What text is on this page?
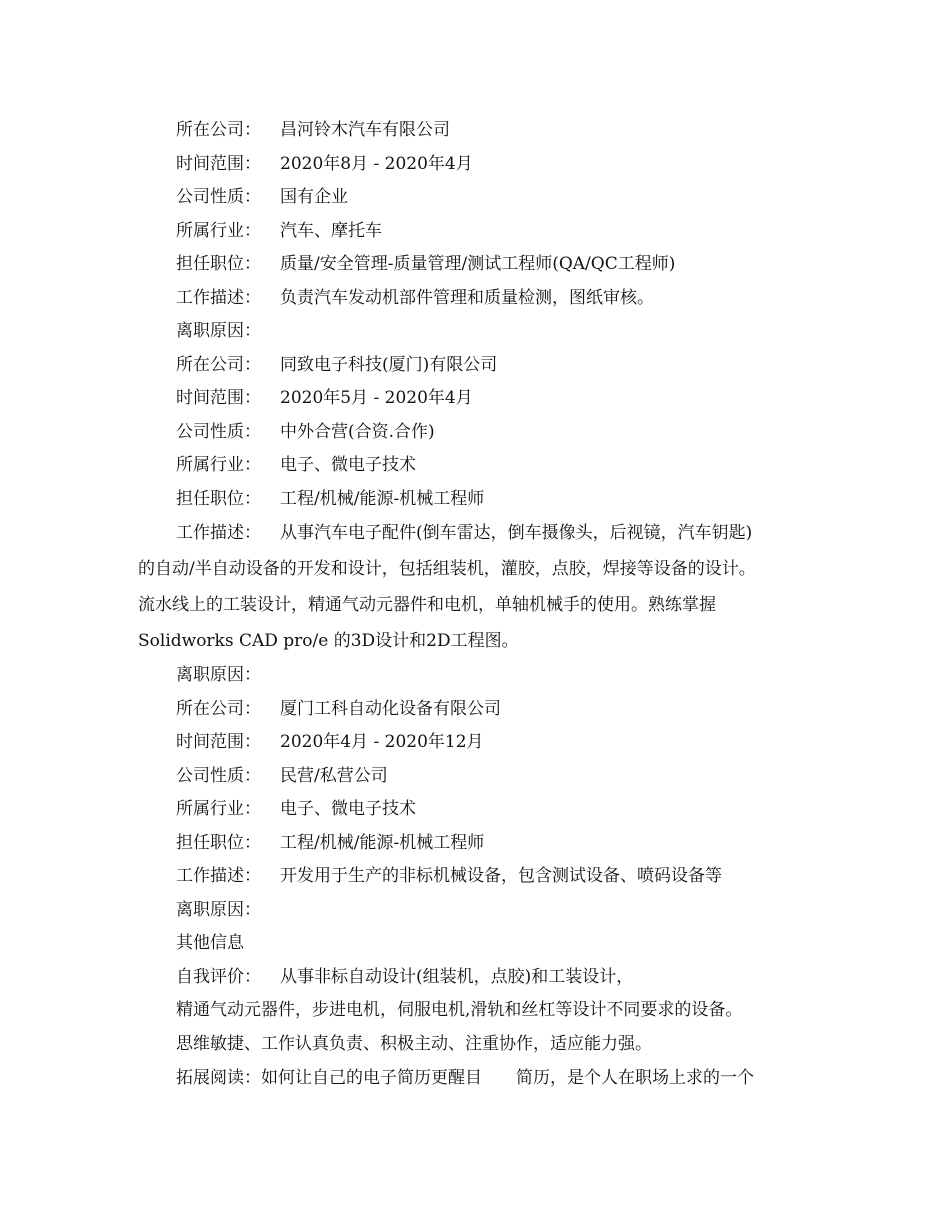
所在公司： 昌河铃木汽车有限公司
时间范围： 2020年8月 - 2020年4月
公司性质： 国有企业
所属行业： 汽车、摩托车
担任职位： 质量/安全管理-质量管理/测试工程师(QA/QC工程师)
工作描述： 负责汽车发动机部件管理和质量检测，图纸审核。
离职原因：
所在公司： 同致电子科技(厦门)有限公司
时间范围： 2020年5月 - 2020年4月
公司性质： 中外合营(合资.合作)
所属行业： 电子、微电子技术
担任职位： 工程/机械/能源-机械工程师
工作描述： 从事汽车电子配件(倒车雷达，倒车摄像头，后视镜，汽车钥匙)
的自动/半自动设备的开发和设计，包括组装机，灌胶，点胶，焊接等设备的设计。
流水线上的工装设计，精通气动元器件和电机，单轴机械手的使用。熟练掌握
Solidworks CAD pro/e 的3D设计和2D工程图。
离职原因：
所在公司： 厦门工科自动化设备有限公司
时间范围： 2020年4月 - 2020年12月
公司性质： 民营/私营公司
所属行业： 电子、微电子技术
担任职位： 工程/机械/能源-机械工程师
工作描述： 开发用于生产的非标机械设备，包含测试设备、喷码设备等
离职原因：
其他信息
自我评价： 从事非标自动设计(组装机，点胶)和工装设计，
精通气动元器件，步进电机，伺服电机,滑轨和丝杠等设计不同要求的设备。
思维敏捷、工作认真负责、积极主动、注重协作，适应能力强。
拓展阅读：如何让自己的电子简历更醒目　　简历，是个人在职场上求的一个
